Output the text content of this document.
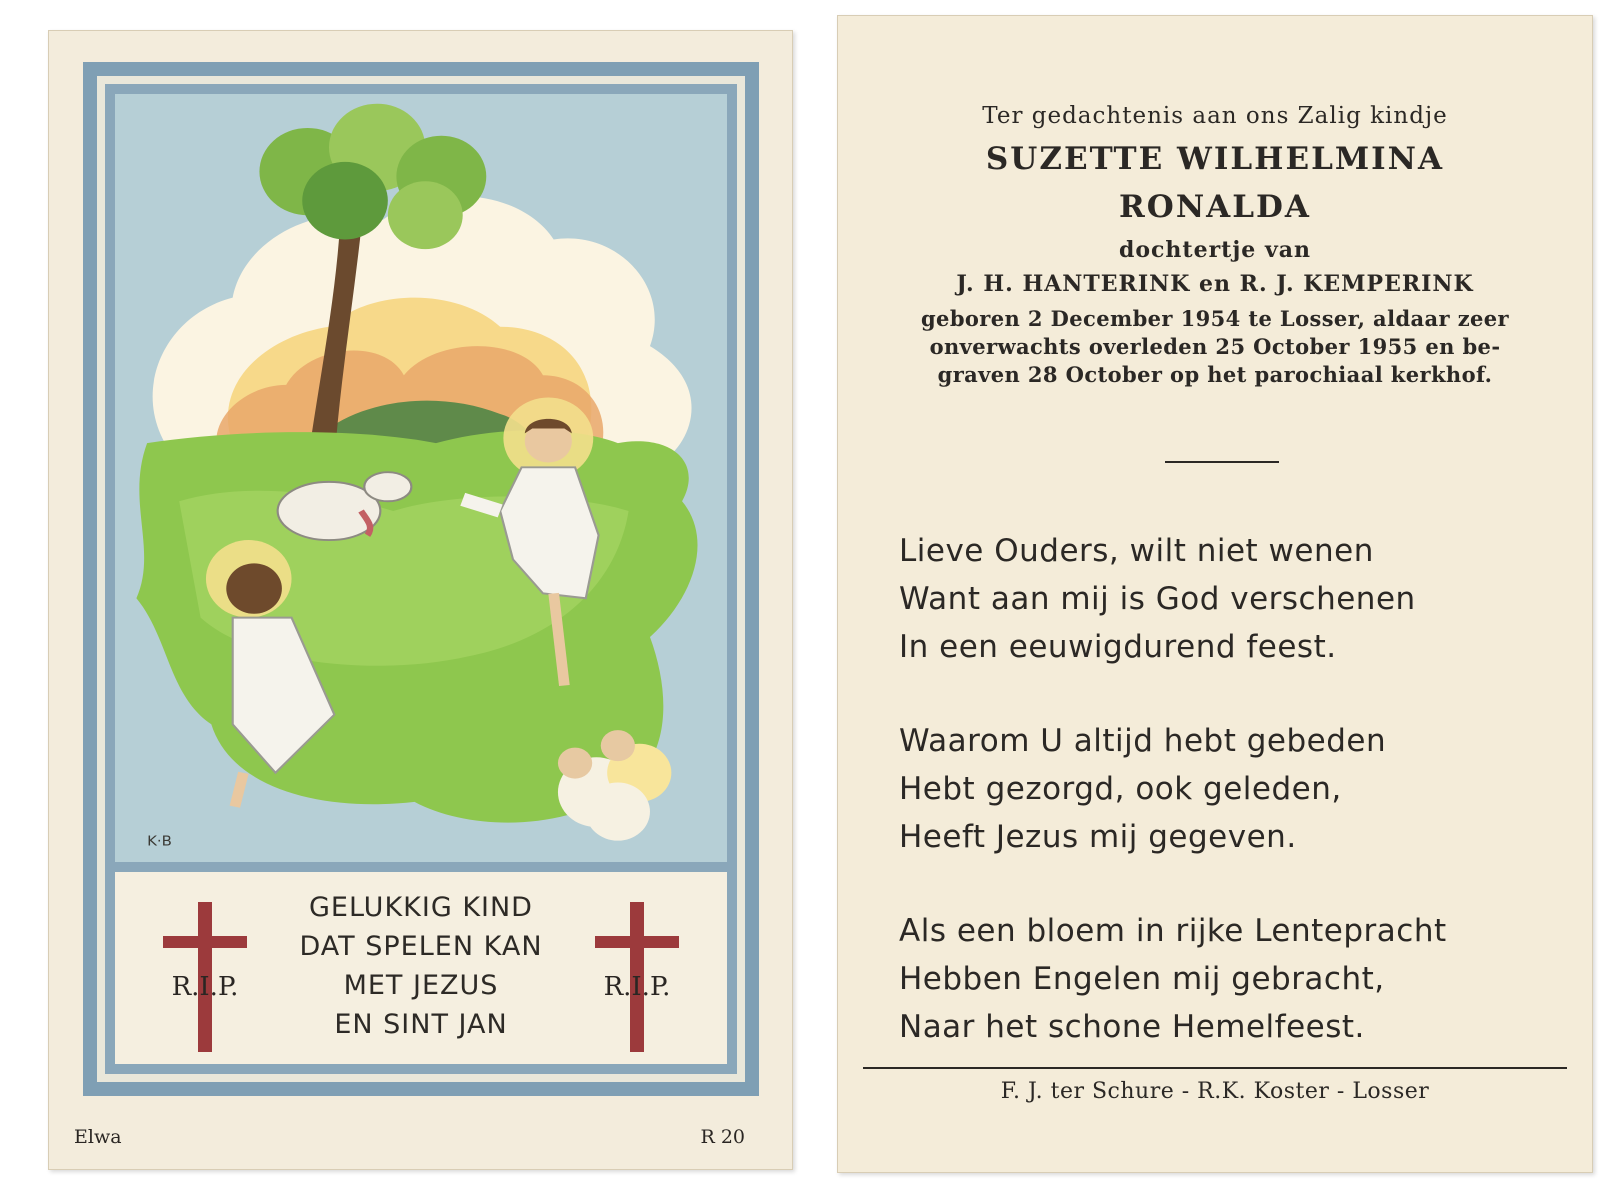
K·B
R.I.P.
GELUKKIG KIND
DAT SPELEN KAN
MET JEZUS
EN SINT JAN
R.I.P.
Elwa	R 20
Ter gedachtenis aan ons Zalig kindje
SUZETTE WILHELMINA
RONALDA
dochtertje van
J. H. HANTERINK en R. J. KEMPERINK
geboren 2 December 1954 te Losser, aldaar zeer
onverwachts overleden 25 October 1955 en be-
graven 28 October op het parochiaal kerkhof.
Lieve Ouders, wilt niet wenen
Want aan mij is God verschenen
In een eeuwigdurend feest.
Waarom U altijd hebt gebeden
Hebt gezorgd, ook geleden,
Heeft Jezus mij gegeven.
Als een bloem in rijke Lentepracht
Hebben Engelen mij gebracht,
Naar het schone Hemelfeest.
F. J. ter Schure - R.K. Koster - Losser
